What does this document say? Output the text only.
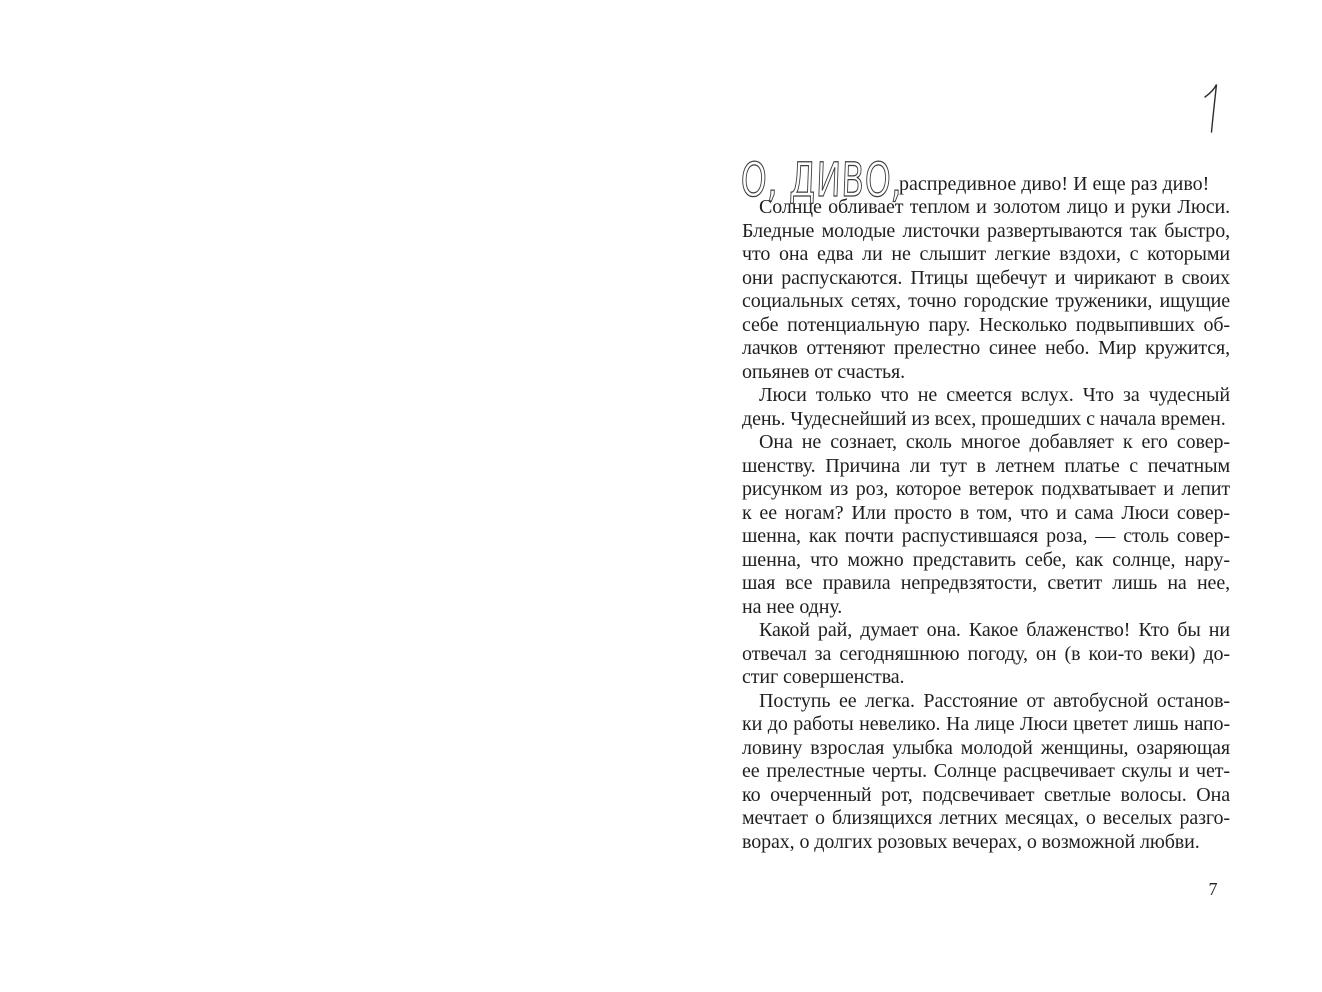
О, ДИВО,
распредивное диво! И еще раз диво!
Солнце обливает теплом и золотом лицо и руки Люси.
Бледные молодые листочки развертываются так быстро,
что она едва ли не слышит легкие вздохи, с которыми
они распускаются. Птицы щебечут и чирикают в своих
социальных сетях, точно городские труженики, ищущие
себе потенциальную пару. Несколько подвыпивших об-
лачков оттеняют прелестно синее небо. Мир кружится,
опьянев от счастья.
Люси только что не смеется вслух. Что за чудесный
день. Чудеснейший из всех, прошедших с начала времен.
Она не сознает, сколь многое добавляет к его совер-
шенству. Причина ли тут в летнем платье с печатным
рисунком из роз, которое ветерок подхватывает и лепит
к ее ногам? Или просто в том, что и сама Люси совер-
шенна, как почти распустившаяся роза, — столь совер-
шенна, что можно представить себе, как солнце, нару-
шая все правила непредвзятости, светит лишь на нее,
на нее одну.
Какой рай, думает она. Какое блаженство! Кто бы ни
отвечал за сегодняшнюю погоду, он (в кои-то веки) до-
стиг совершенства.
Поступь ее легка. Расстояние от автобусной останов-
ки до работы невелико. На лице Люси цветет лишь напо-
ловину взрослая улыбка молодой женщины, озаряющая
ее прелестные черты. Солнце расцвечивает скулы и чет-
ко очерченный рот, подсвечивает светлые волосы. Она
мечтает о близящихся летних месяцах, о веселых разго-
ворах, о долгих розовых вечерах, о возможной любви.
7
